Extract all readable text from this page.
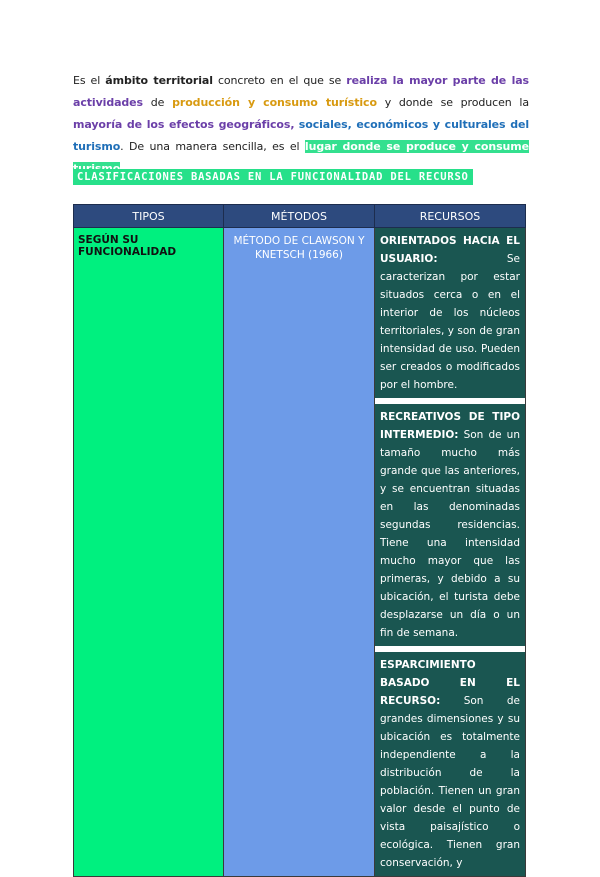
Es el ámbito territorial concreto en el que se realiza la mayor parte de las actividades de producción y consumo turístico y donde se producen la mayoría de los efectos geográficos, sociales, económicos y culturales del turismo. De una manera sencilla, es el lugar donde se produce y consume

CLASIFICACIONES BASADAS EN LA FUNCIONALIDAD DEL RECURSO
TIPOS	MÉTODOS	RECURSOS

SEGÚN SU FUNCIONALIDAD	MÉTODO DE CLAWSON Y KNETSCH (1966)	ORIENTADOS HACIA EL USUARIO: Se caracterizan por estar situados cerca o en el interior de los núcleos territoriales, y son de gran intensidad de uso. Pueden ser creados o modificados por el hombre.
RECREATIVOS DE TIPO INTERMEDIO: Son de un tamaño mucho más grande que las anteriores, y se encuentran situadas en las denominadas segundas residencias. Tiene una intensidad mucho mayor que las primeras, y debido a su ubicación, el turista debe desplazarse un día o un fin de semana.
ESPARCIMIENTO BASADO EN EL RECURSO: Son de grandes dimensiones y su ubicación es totalmente independiente a la distribución de la población. Tienen un gran valor desde el punto de vista paisajístico o ecológica. Tienen gran conservación, y
